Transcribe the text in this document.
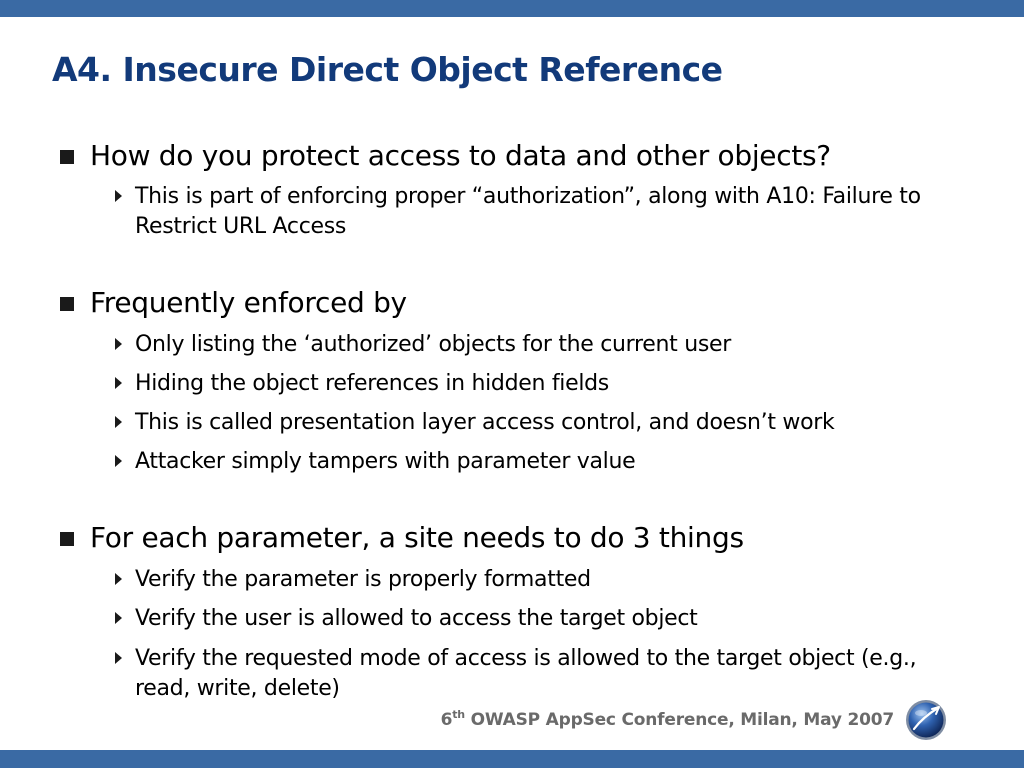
A4. Insecure Direct Object Reference
How do you protect access to data and other objects?
This is part of enforcing proper “authorization”, along with A10: Failure to Restrict URL Access
Frequently enforced by
Only listing the ‘authorized’ objects for the current user
Hiding the object references in hidden fields
This is called presentation layer access control, and doesn’t work
Attacker simply tampers with parameter value
For each parameter, a site needs to do 3 things
Verify the parameter is properly formatted
Verify the user is allowed to access the target object
Verify the requested mode of access is allowed to the target object (e.g., read, write, delete)
6th OWASP AppSec Conference, Milan, May 2007
